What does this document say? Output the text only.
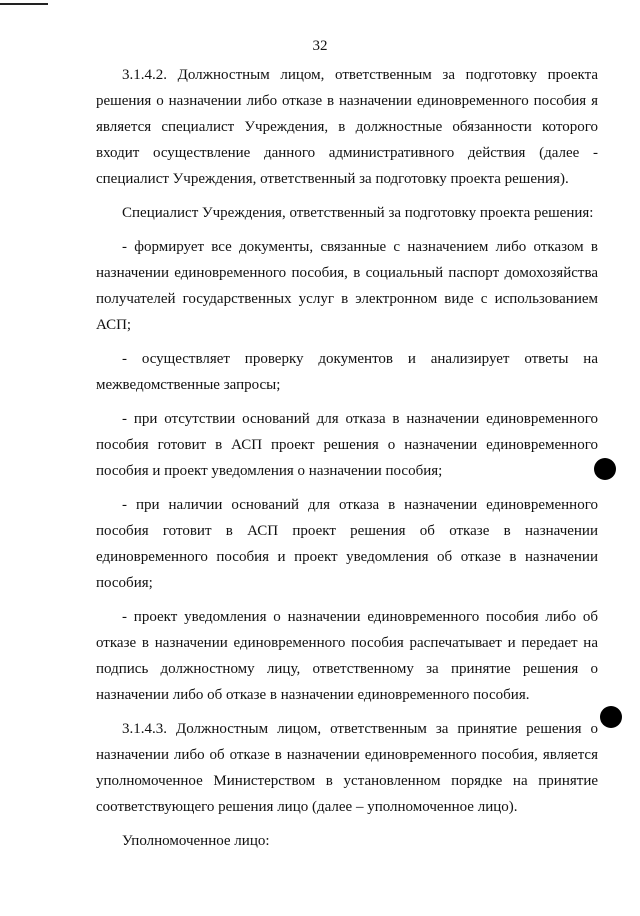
32

3.1.4.2. Должностным лицом, ответственным за подготовку проекта решения о назначении либо отказе в назначении единовременного пособия я является специалист Учреждения, в должностные обязанности которого входит осуществление данного административного действия (далее - специалист Учреждения, ответственный за подготовку проекта решения).

Специалист Учреждения, ответственный за подготовку проекта решения:

- формирует все документы, связанные с назначением либо отказом в назначении единовременного пособия, в социальный паспорт домохозяйства получателей государственных услуг в электронном виде с использованием АСП;

- осуществляет проверку документов и анализирует ответы на межведомственные запросы;

- при отсутствии оснований для отказа в назначении единовременного пособия готовит в АСП проект решения о назначении единовременного пособия и проект уведомления о назначении пособия;

- при наличии оснований для отказа в назначении единовременного пособия готовит в АСП проект решения об отказе в назначении единовременного пособия и проект уведомления об отказе в назначении пособия;

- проект уведомления о назначении единовременного пособия либо об отказе в назначении единовременного пособия распечатывает и передает на подпись должностному лицу, ответственному за принятие решения о назначении либо об отказе в назначении единовременного пособия.

3.1.4.3. Должностным лицом, ответственным за принятие решения о назначении либо об отказе в назначении единовременного пособия, является уполномоченное Министерством в установленном порядке на принятие соответствующего решения лицо (далее – уполномоченное лицо).

Уполномоченное лицо:
